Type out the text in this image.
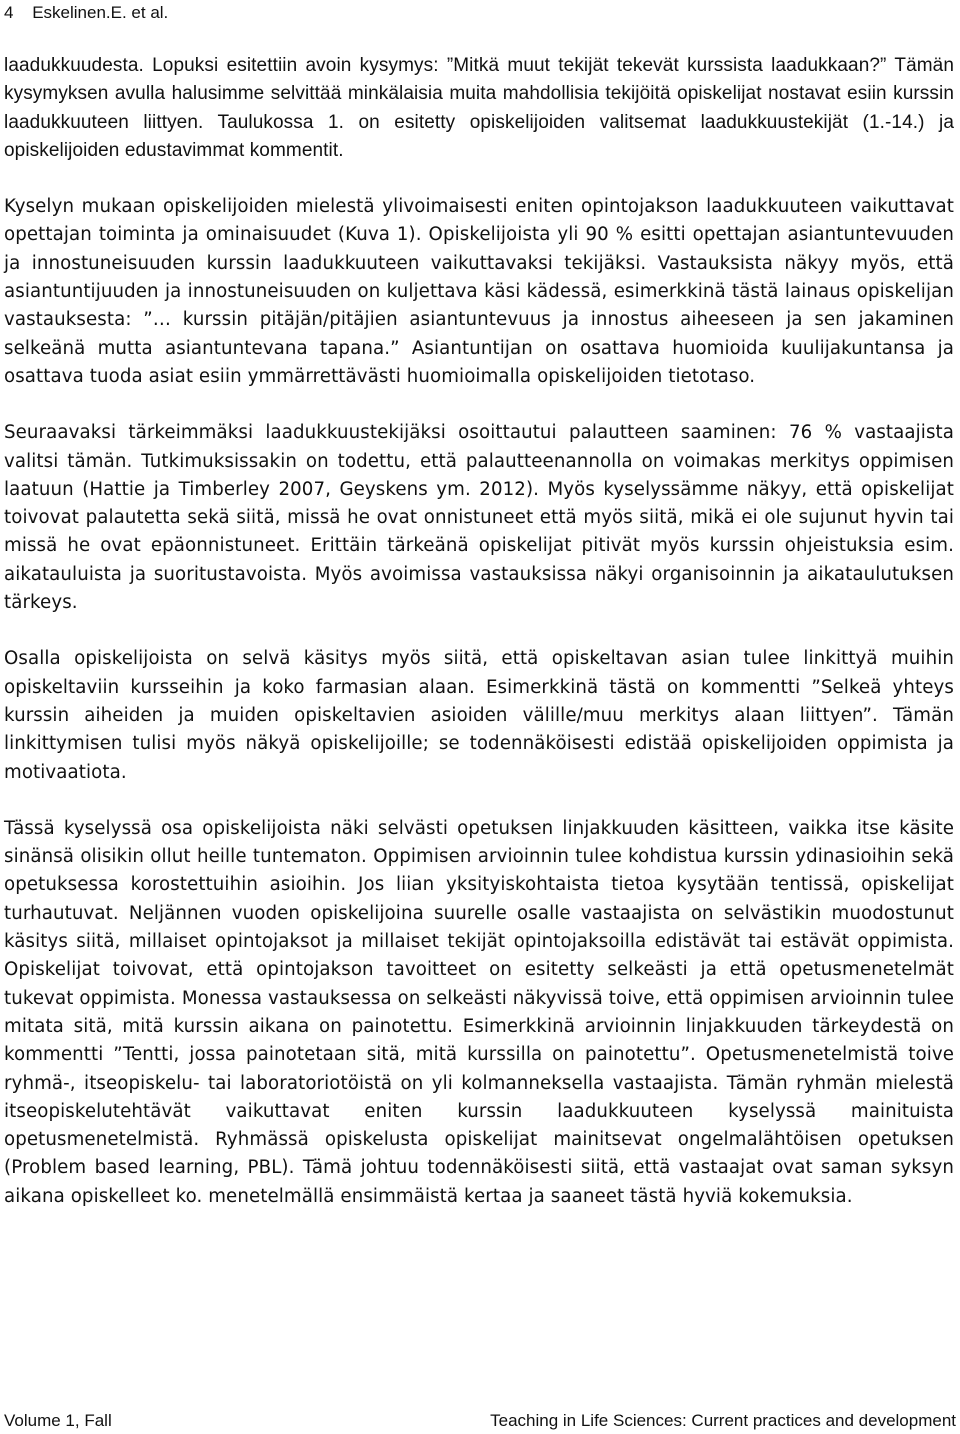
4 Eskelinen.E. et al.

laadukkuudesta. Lopuksi esitettiin avoin kysymys: ”Mitkä muut tekijät tekevät kurssista laadukkaan?” Tämän kysymyksen avulla halusimme selvittää minkälaisia muita mahdollisia tekijöitä opiskelijat nostavat esiin kurssin laadukkuuteen liittyen. Taulukossa 1. on esitetty opiskelijoiden valitsemat laadukkuustekijät (1.-14.) ja opiskelijoiden edustavimmat kommentit.

Kyselyn mukaan opiskelijoiden mielestä ylivoimaisesti eniten opintojakson laadukkuuteen vaikuttavat opettajan toiminta ja ominaisuudet (Kuva 1). Opiskelijoista yli 90 % esitti opettajan asiantuntevuuden ja innostuneisuuden kurssin laadukkuuteen vaikuttavaksi tekijäksi. Vastauksista näkyy myös, että asiantuntijuuden ja innostuneisuuden on kuljettava käsi kädessä, esimerkkinä tästä lainaus opiskelijan vastauksesta: ”… kurssin pitäjän/pitäjien asiantuntevuus ja innostus aiheeseen ja sen jakaminen selkeänä mutta asiantuntevana tapana.” Asiantuntijan on osattava huomioida kuulijakuntansa ja osattava tuoda asiat esiin ymmärrettävästi huomioimalla opiskelijoiden tietotaso.

Seuraavaksi tärkeimmäksi laadukkuustekijäksi osoittautui palautteen saaminen: 76 % vastaajista valitsi tämän. Tutkimuksissakin on todettu, että palautteenannolla on voimakas merkitys oppimisen laatuun (Hattie ja Timberley 2007, Geyskens ym. 2012). Myös kyselyssämme näkyy, että opiskelijat toivovat palautetta sekä siitä, missä he ovat onnistuneet että myös siitä, mikä ei ole sujunut hyvin tai missä he ovat epäonnistuneet. Erittäin tärkeänä opiskelijat pitivät myös kurssin ohjeistuksia esim. aikatauluista ja suoritustavoista. Myös avoimissa vastauksissa näkyi organisoinnin ja aikataulutuksen tärkeys.

Osalla opiskelijoista on selvä käsitys myös siitä, että opiskeltavan asian tulee linkittyä muihin opiskeltaviin kursseihin ja koko farmasian alaan. Esimerkkinä tästä on kommentti ”Selkeä yhteys kurssin aiheiden ja muiden opiskeltavien asioiden välille/muu merkitys alaan liittyen”. Tämän linkittymisen tulisi myös näkyä opiskelijoille; se todennäköisesti edistää opiskelijoiden oppimista ja motivaatiota.

Tässä kyselyssä osa opiskelijoista näki selvästi opetuksen linjakkuuden käsitteen, vaikka itse käsite sinänsä olisikin ollut heille tuntematon. Oppimisen arvioinnin tulee kohdistua kurssin ydinasioihin sekä opetuksessa korostettuihin asioihin. Jos liian yksityiskohtaista tietoa kysytään tentissä, opiskelijat turhautuvat. Neljännen vuoden opiskelijoina suurelle osalle vastaajista on selvästikin muodostunut käsitys siitä, millaiset opintojaksot ja millaiset tekijät opintojaksoilla edistävät tai estävät oppimista. Opiskelijat toivovat, että opintojakson tavoitteet on esitetty selkeästi ja että opetusmenetelmät tukevat oppimista. Monessa vastauksessa on selkeästi näkyvissä toive, että oppimisen arvioinnin tulee mitata sitä, mitä kurssin aikana on painotettu. Esimerkkinä arvioinnin linjakkuuden tärkeydestä on kommentti ”Tentti, jossa painotetaan sitä, mitä kurssilla on painotettu”. Opetusmenetelmistä toive ryhmä-, itseopiskelu- tai laboratoriotöistä on yli kolmanneksella vastaajista. Tämän ryhmän mielestä itseopiskelutehtävät vaikuttavat eniten kurssin laadukkuuteen kyselyssä mainituista opetusmenetelmistä. Ryhmässä opiskelusta opiskelijat mainitsevat ongelmalähtöisen opetuksen (Problem based learning, PBL). Tämä johtuu todennäköisesti siitä, että vastaajat ovat saman syksyn aikana opiskelleet ko. menetelmällä ensimmäistä kertaa ja saaneet tästä hyviä kokemuksia.

Volume 1, Fall	Teaching in Life Sciences: Current practices and development
